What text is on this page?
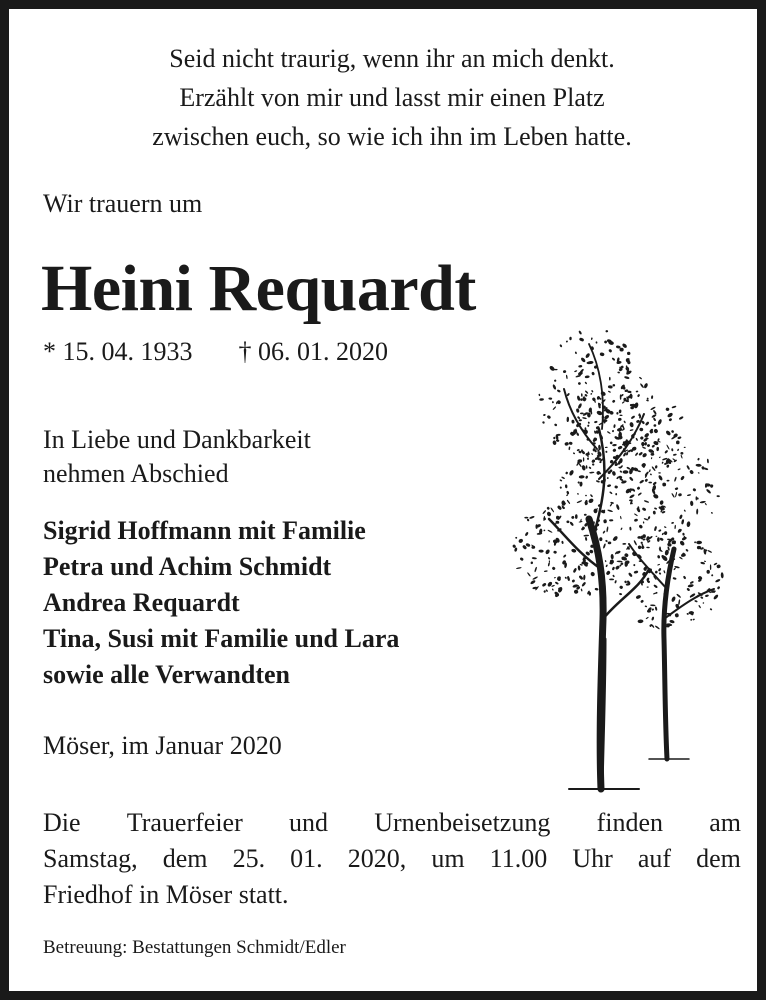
Seid nicht traurig, wenn ihr an mich denkt.
Erzählt von mir und lasst mir einen Platz
zwischen euch, so wie ich ihn im Leben hatte.
Wir trauern um
Heini Requardt
* 15. 04. 1933 † 06. 01. 2020
In Liebe und Dankbarkeit
nehmen Abschied
Sigrid Hoffmann mit Familie
Petra und Achim Schmidt
Andrea Requardt
Tina, Susi mit Familie und Lara
sowie alle Verwandten
Möser, im Januar 2020
Die Trauerfeier und Urnenbeisetzung finden am
Samstag, dem 25. 01. 2020, um 11.00 Uhr auf dem
Friedhof in Möser statt.
Betreuung: Bestattungen Schmidt/Edler
